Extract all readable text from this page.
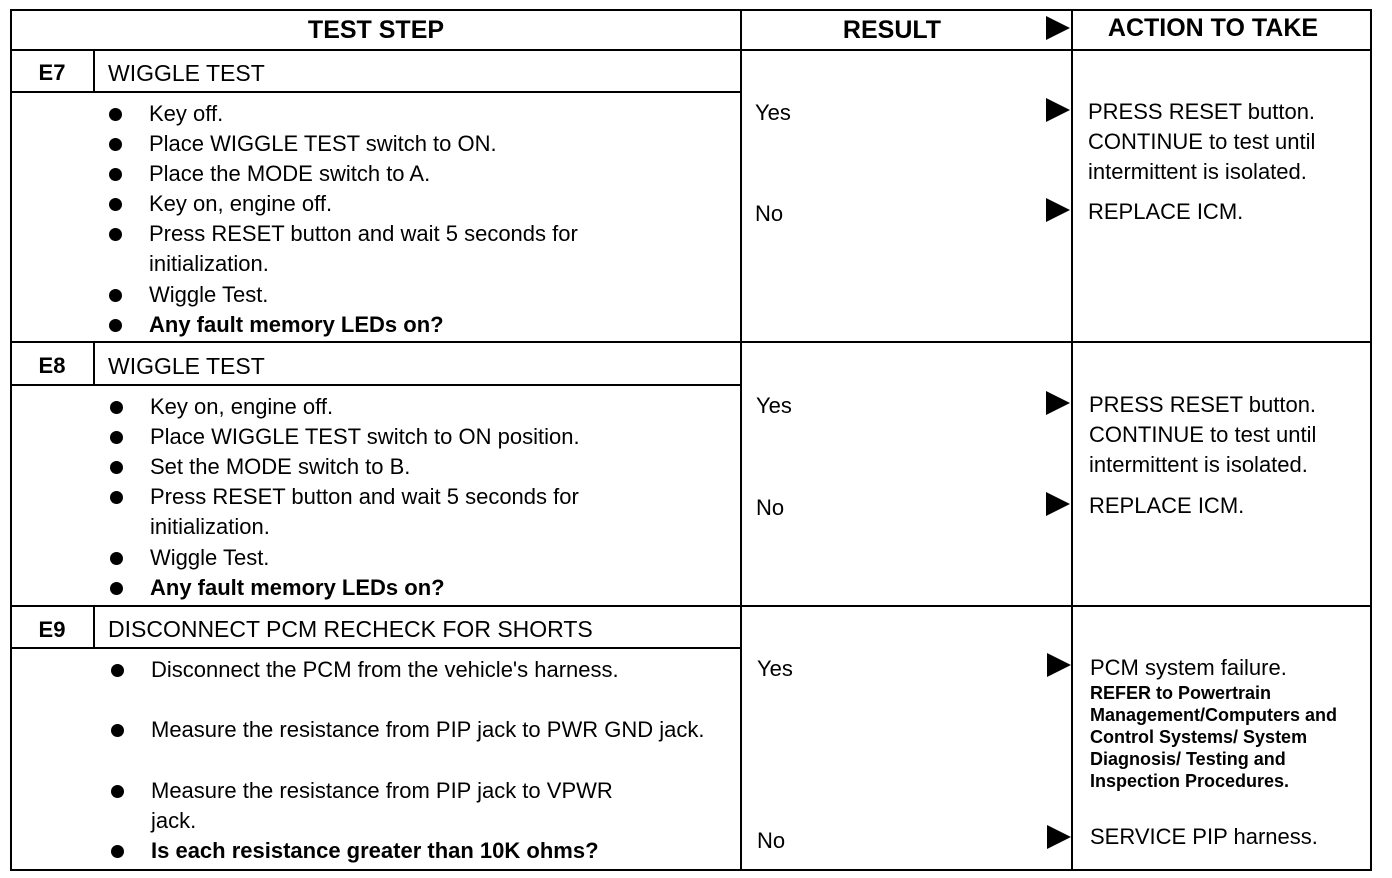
TEST STEP	RESULT	ACTION TO TAKE
E7	WIGGLE TEST
Key off.
Place WIGGLE TEST switch to ON.
Place the MODE switch to A.
Key on, engine off.
Press RESET button and wait 5 seconds for initialization.
Wiggle Test.
Any fault memory LEDs on?
Yes	PRESS RESET button. CONTINUE to test until intermittent is isolated.
No	REPLACE ICM.
E8	WIGGLE TEST
Key on, engine off.
Place WIGGLE TEST switch to ON position.
Set the MODE switch to B.
Press RESET button and wait 5 seconds for initialization.
Wiggle Test.
Any fault memory LEDs on?
Yes	PRESS RESET button. CONTINUE to test until intermittent is isolated.
No	REPLACE ICM.
E9	DISCONNECT PCM RECHECK FOR SHORTS
Disconnect the PCM from the vehicle's harness.
Measure the resistance from PIP jack to PWR GND jack.
Measure the resistance from PIP jack to VPWR jack.
Is each resistance greater than 10K ohms?
Yes	PCM system failure.
REFER to Powertrain Management/Computers and Control Systems/ System Diagnosis/ Testing and Inspection Procedures.
No	SERVICE PIP harness.
